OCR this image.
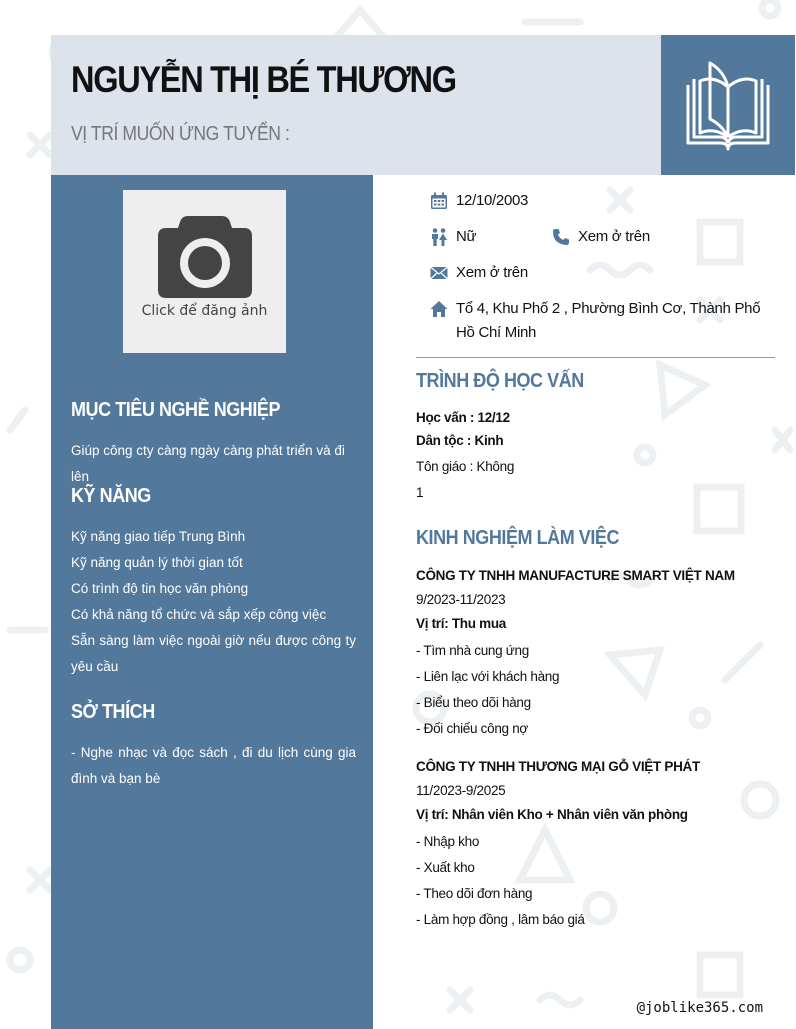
NGUYỄN THỊ BÉ THƯƠNG
VỊ TRÍ MUỐN ỨNG TUYỂN :
Click để đăng ảnh
MỤC TIÊU NGHỀ NGHIỆP
Giúp công cty càng ngày càng phát triển và đi lên
KỸ NĂNG

Kỹ năng giao tiếp Trung Bình

Kỹ năng quản lý thời gian tốt

Có trình độ tin học văn phòng

Có khả năng tổ chức và sắp xếp công việc

Sẵn sàng làm việc ngoài giờ nếu được công ty yêu cầu

SỞ THÍCH
- Nghe nhạc và đọc sách , đi du lịch cùng gia đình và bạn bè
12/10/2003
Nữ	Xem ở trên
Xem ở trên
Tổ 4, Khu Phố 2 , Phường Bình Cơ, Thành Phố Hồ Chí Minh
TRÌNH ĐỘ HỌC VẤN
Học vấn : 12/12
Dân tộc : Kinh
Tôn giáo : Không
1
KINH NGHIỆM LÀM VIỆC
CÔNG TY TNHH MANUFACTURE SMART VIỆT NAM
9/2023-11/2023
Vị trí: Thu mua
- Tìm nhà cung ứng
- Liên lạc với khách hàng
- Biểu theo dõi hàng
- Đối chiếu công nợ
CÔNG TY TNHH THƯƠNG MẠI GỖ VIỆT PHÁT
11/2023-9/2025
Vị trí: Nhân viên Kho + Nhân viên văn phòng
- Nhập kho
- Xuất kho
- Theo dõi đơn hàng
- Làm hợp đồng , lâm báo giá
@joblike365.com
